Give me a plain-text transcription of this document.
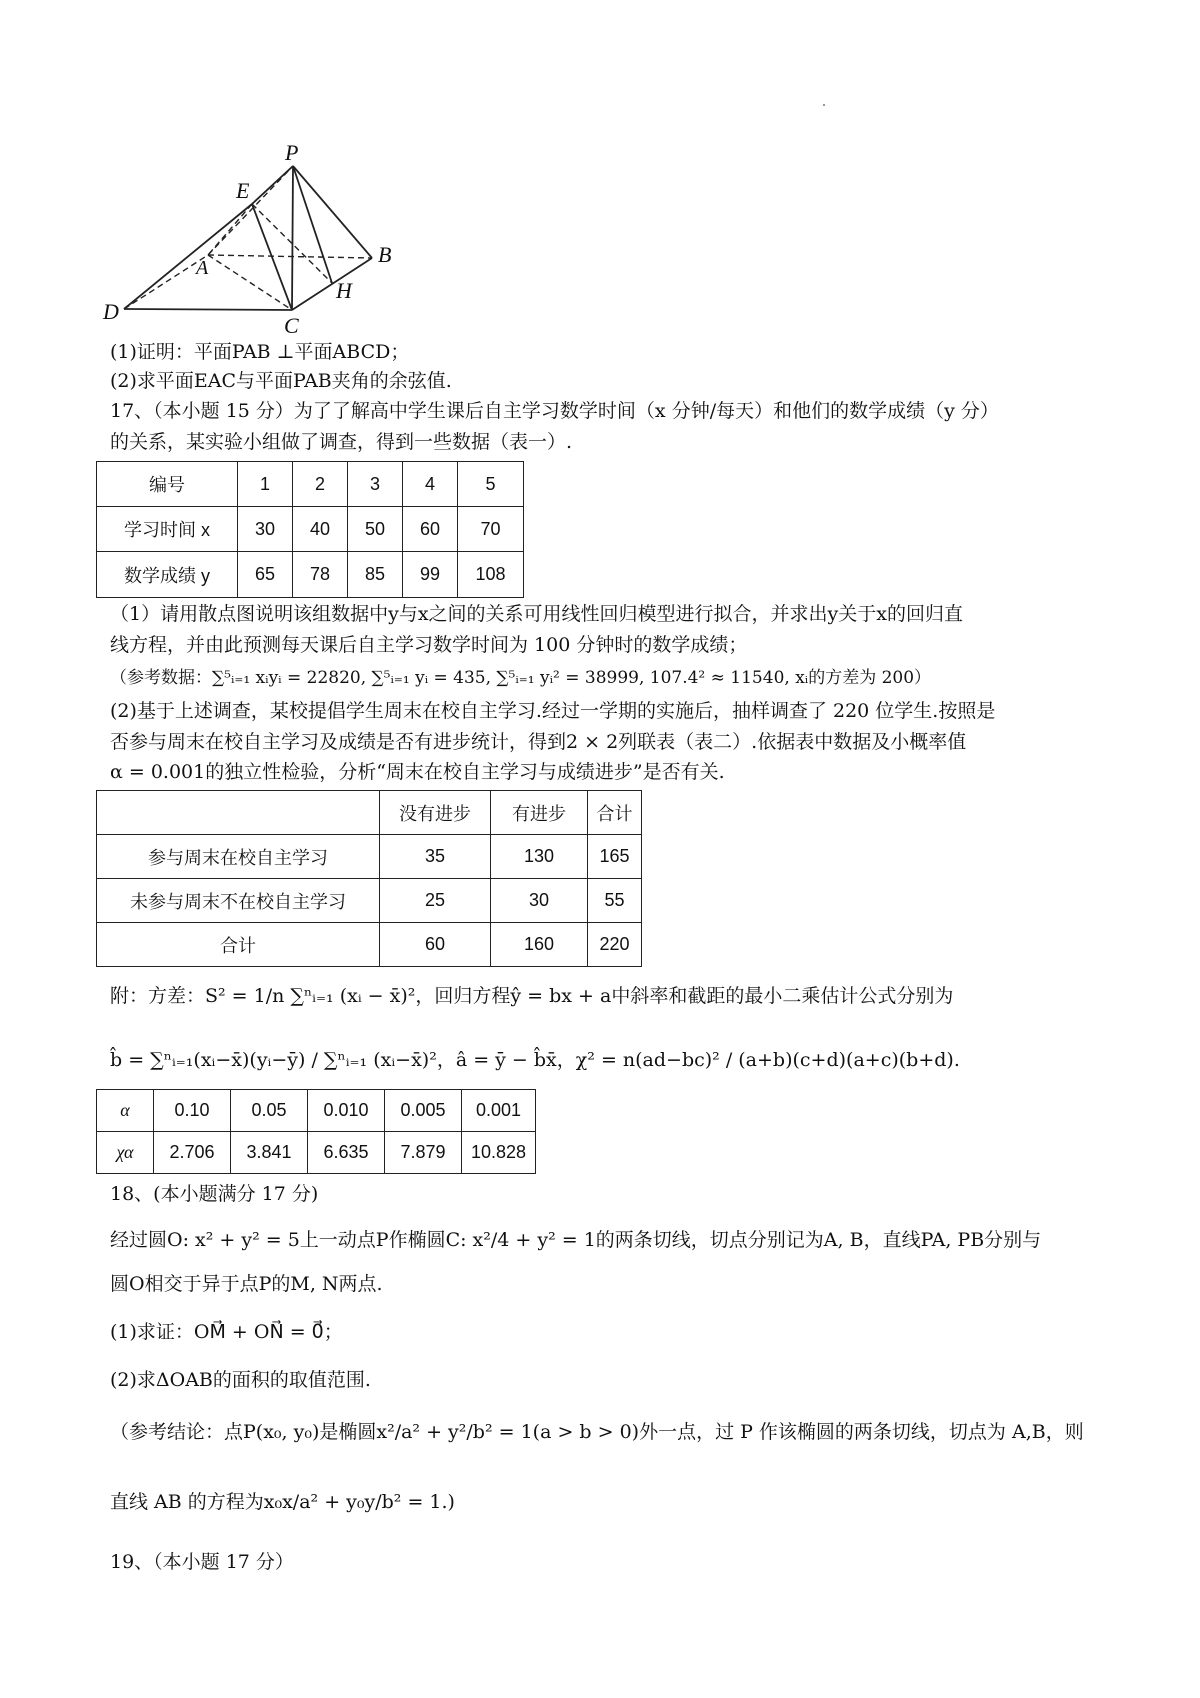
P
E
A
B
H
D
C
(1)证明：平面PAB ⊥平面ABCD；
(2)求平面EAC与平面PAB夹角的余弦值.
17、（本小题 15 分）为了了解高中学生课后自主学习数学时间（x 分钟/每天）和他们的数学成绩（y 分）
的关系，某实验小组做了调查，得到一些数据（表一）.
编号	1	2	3	4	5
学习时间 x	30	40	50	60	70
数学成绩 y	65	78	85	99	108
（1）请用散点图说明该组数据中y与x之间的关系可用线性回归模型进行拟合，并求出y关于x的回归直
线方程，并由此预测每天课后自主学习数学时间为 100 分钟时的数学成绩；
（参考数据：∑⁵ᵢ₌₁ xᵢyᵢ = 22820, ∑⁵ᵢ₌₁ yᵢ = 435, ∑⁵ᵢ₌₁ yᵢ² = 38999, 107.4² ≈ 11540, xᵢ的方差为 200）
(2)基于上述调查，某校提倡学生周末在校自主学习.经过一学期的实施后，抽样调查了 220 位学生.按照是
否参与周末在校自主学习及成绩是否有进步统计，得到2 × 2列联表（表二）.依据表中数据及小概率值
α = 0.001的独立性检验，分析“周末在校自主学习与成绩进步”是否有关.
	没有进步	有进步	合计
参与周末在校自主学习	35	130	165
未参与周末不在校自主学习	25	30	55
合计	60	160	220
附：方差：S² = 1/n ∑ⁿᵢ₌₁ (xᵢ − x̄)²，回归方程ŷ = bx + a中斜率和截距的最小二乘估计公式分别为
b̂ = ∑ⁿᵢ₌₁(xᵢ−x̄)(yᵢ−ȳ) / ∑ⁿᵢ₌₁ (xᵢ−x̄)²，â = ȳ − b̂x̄，χ² = n(ad−bc)² / (a+b)(c+d)(a+c)(b+d).
α	0.10	0.05	0.010	0.005	0.001
χα	2.706	3.841	6.635	7.879	10.828
18、(本小题满分 17 分)
经过圆O: x² + y² = 5上一动点P作椭圆C: x²/4 + y² = 1的两条切线，切点分别记为A, B，直线PA, PB分别与
圆O相交于异于点P的M, N两点.
(1)求证：OM⃗ + ON⃗ = 0⃗；
(2)求ΔOAB的面积的取值范围.
（参考结论：点P(x₀, y₀)是椭圆x²/a² + y²/b² = 1(a > b > 0)外一点，过 P 作该椭圆的两条切线，切点为 A,B，则
直线 AB 的方程为x₀x/a² + y₀y/b² = 1.)
19、（本小题 17 分）
